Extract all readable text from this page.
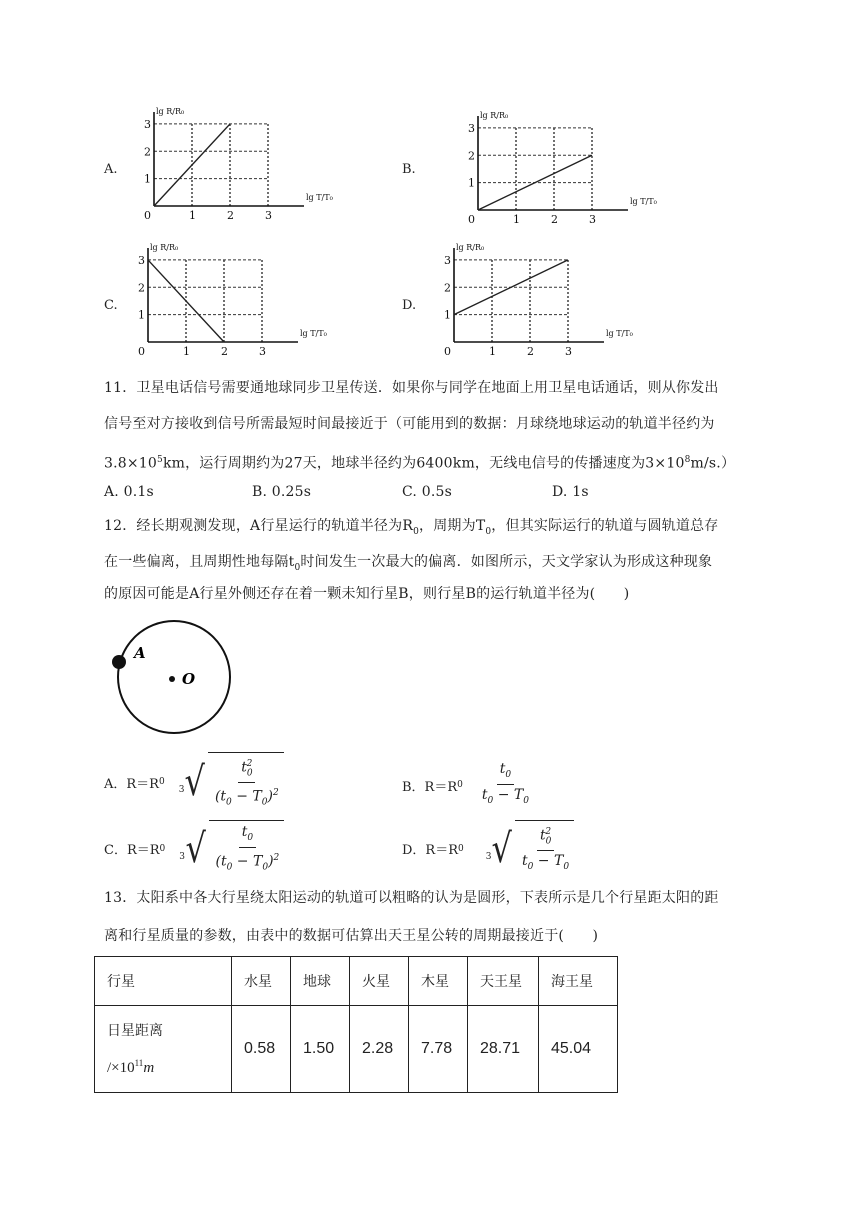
A.
0	1	2	3
1
2
3
lg T/T₀
lg R/R₀
B.
0	1	2	3
1
2
3
lg T/T₀
lg R/R₀
C.
0	1	2	3
1
2
3
lg T/T₀
lg R/R₀
D.
0	1	2	3
1
2
3
lg T/T₀
lg R/R₀
11．卫星电话信号需要通地球同步卫星传送．如果你与同学在地面上用卫星电话通话，则从你发出
信号至对方接收到信号所需最短时间最接近于（可能用到的数据：月球绕地球运动的轨道半径约为
$3.8\times 10^5km$，运行周期约为27天，地球半径约为6400km，无线电信号的传播速度为$3\times 10^8m/s$.）
A. 0.1s	B. 0.25s	C. 0.5s	D. 1s
12．经长期观测发现，A行星运行的轨道半径为$R_0$，周期为$T_0$，但其实际运行的轨道与圆轨道总存
在一些偏离，且周期性地每隔$t_0$时间发生一次最大的偏离．如图所示，天文学家认为形成这种现象
的原因可能是A行星外侧还存在着一颗未知行星B，则行星B的运行轨道半径为(　　)
A
O
A．R＝R 0
3 √ $\frac{t_0^2}{(t_0 - T_0)^2}$	B．R＝R $0 \frac{t_0}{t_0 - T_0}$
C．R＝R 0
3 √ $\frac{t_0}{(t_0 - T_0)^2}$	D．R＝R 0
3 √ $\frac{t_0^2}{t_0 - T_0}$
13．太阳系中各大行星绕太阳运动的轨道可以粗略的认为是圆形，下表所示是几个行星距太阳的距
离和行星质量的参数，由表中的数据可估算出天王星公转的周期最接近于(　　)
行星	水星	地球	火星	木星	天王星	海王星

日星距离
$/\times 10^{11}m$	0.58	1.50	2.28	7.78	28.71	45.04
